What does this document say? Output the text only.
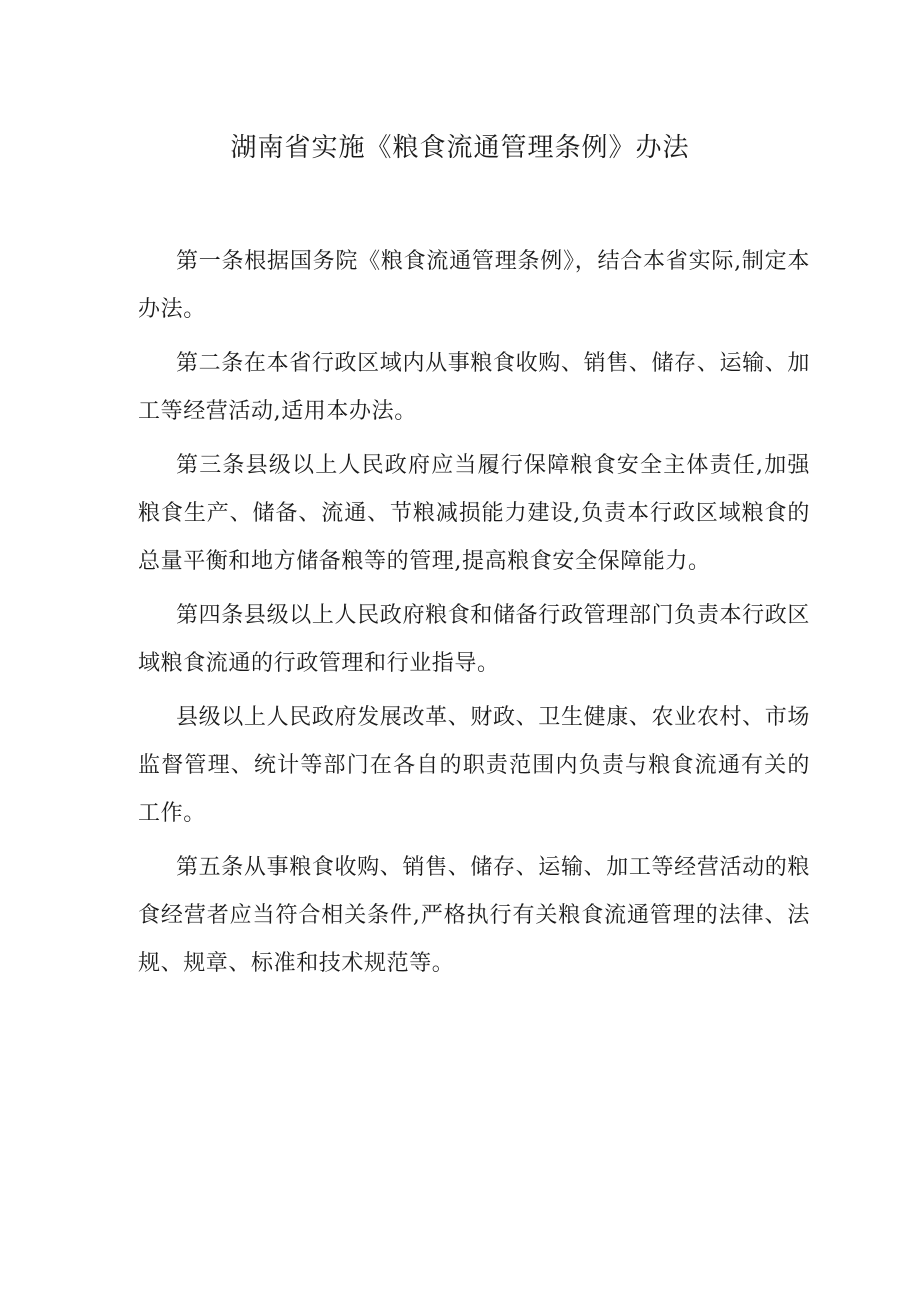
湖南省实施《粮食流通管理条例》办法

第一条根据国务院《粮食流通管理条例》，结合本省实际,制定本办法。

第二条在本省行政区域内从事粮食收购、销售、储存、运输、加工等经营活动,适用本办法。

第三条县级以上人民政府应当履行保障粮食安全主体责任,加强粮食生产、储备、流通、节粮减损能力建设,负责本行政区域粮食的总量平衡和地方储备粮等的管理,提高粮食安全保障能力。

第四条县级以上人民政府粮食和储备行政管理部门负责本行政区域粮食流通的行政管理和行业指导。

县级以上人民政府发展改革、财政、卫生健康、农业农村、市场监督管理、统计等部门在各自的职责范围内负责与粮食流通有关的工作。

第五条从事粮食收购、销售、储存、运输、加工等经营活动的粮食经营者应当符合相关条件,严格执行有关粮食流通管理的法律、法规、规章、标准和技术规范等。
